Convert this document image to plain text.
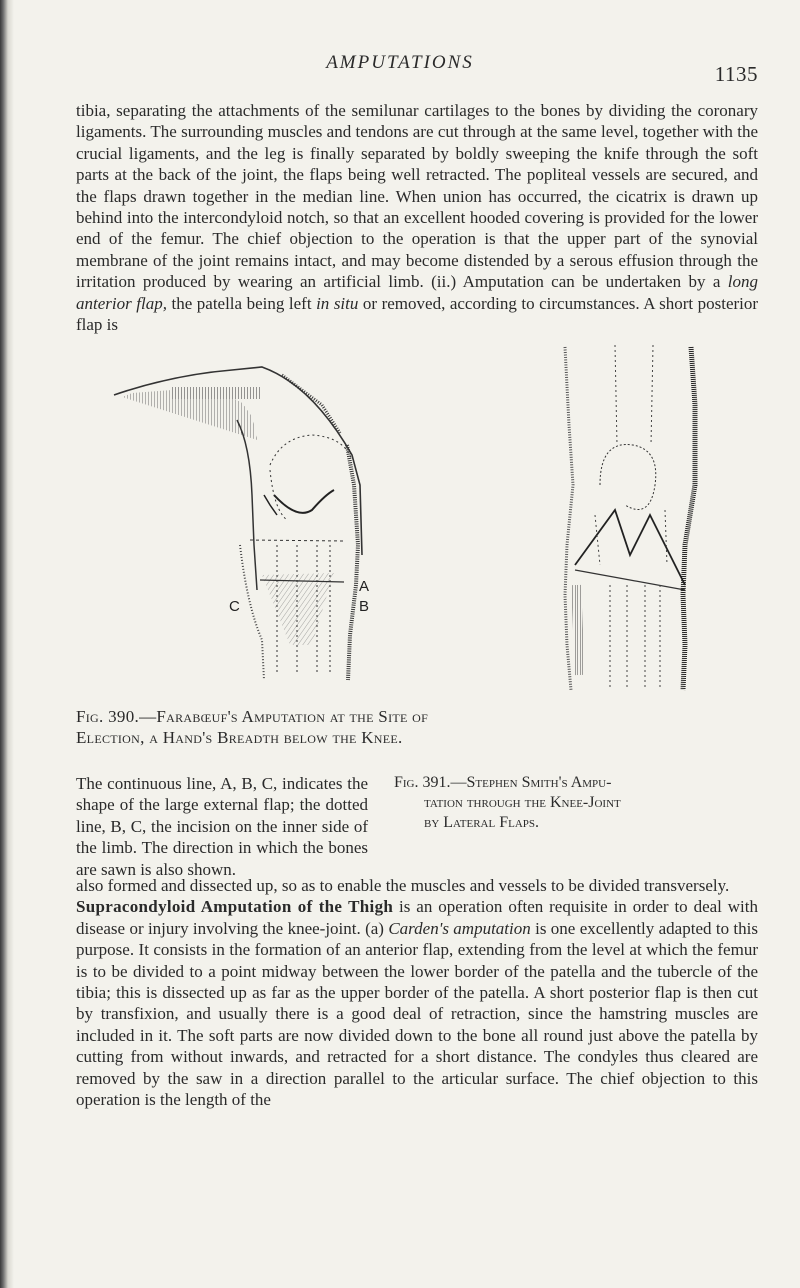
AMPUTATIONS	1135

tibia, separating the attachments of the semilunar cartilages to the bones by dividing the coronary ligaments. The surrounding muscles and tendons are cut through at the same level, together with the crucial ligaments, and the leg is finally separated by boldly sweeping the knife through the soft parts at the back of the joint, the flaps being well retracted. The popliteal vessels are secured, and the flaps drawn together in the median line. When union has occurred, the cicatrix is drawn up behind into the intercondyloid notch, so that an excellent hooded covering is provided for the lower end of the femur. The chief objection to the operation is that the upper part of the synovial membrane of the joint remains intact, and may become distended by a serous effusion through the irritation produced by wearing an artificial limb. (ii.) Amputation can be undertaken by a long anterior flap, the patella being left in situ or removed, according to circumstances. A short posterior flap is

A
B
C

Fig. 390.—Farabœuf's Amputation at the Site of Election, a Hand's Breadth below the Knee.

The continuous line, A, B, C, indicates the shape of the large external flap; the dotted line, B, C, the incision on the inner side of the limb. The direction in which the bones are sawn is also shown.

Fig. 391.—Stephen Smith's Ampu-
tation through the Knee-Joint
by Lateral Flaps.

also formed and dissected up, so as to enable the muscles and vessels to be divided transversely.

Supracondyloid Amputation of the Thigh is an operation often requisite in order to deal with disease or injury involving the knee-joint. (a) Carden's amputation is one excellently adapted to this purpose. It consists in the formation of an anterior flap, extending from the level at which the femur is to be divided to a point midway between the lower border of the patella and the tubercle of the tibia; this is dissected up as far as the upper border of the patella. A short posterior flap is then cut by transfixion, and usually there is a good deal of retraction, since the hamstring muscles are included in it. The soft parts are now divided down to the bone all round just above the patella by cutting from without inwards, and retracted for a short distance. The condyles thus cleared are removed by the saw in a direction parallel to the articular surface. The chief objection to this operation is the length of the
